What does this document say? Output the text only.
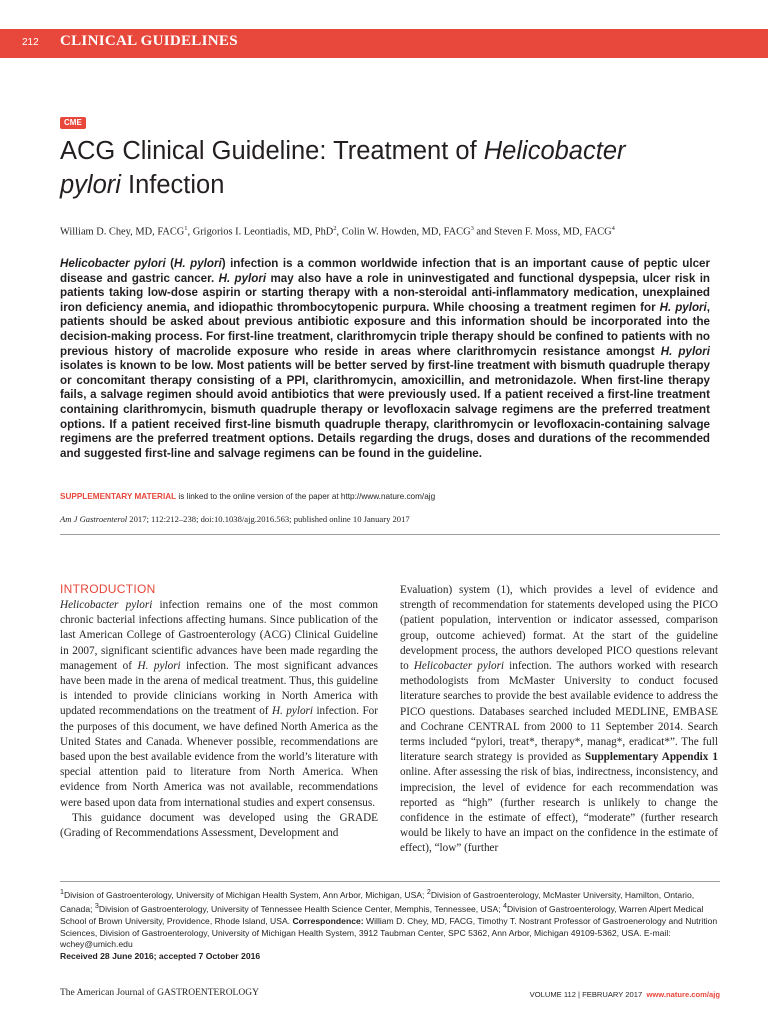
212 CLINICAL GUIDELINES
CME
ACG Clinical Guideline: Treatment of Helicobacter
pylori Infection
William D. Chey, MD, FACG$^1$, Grigorios I. Leontiadis, MD, PhD$^2$, Colin W. Howden, MD, FACG$^3$ and Steven F. Moss, MD, FACG$^4$
Helicobacter pylori (H. pylori) infection is a common worldwide infection that is an important cause of peptic ulcer disease and gastric cancer. H. pylori may also have a role in uninvestigated and functional dyspepsia, ulcer risk in patients taking low-dose aspirin or starting therapy with a non-steroidal anti-inflammatory medication, unexplained iron deficiency anemia, and idiopathic thrombocytopenic purpura. While choosing a treatment regimen for H. pylori, patients should be asked about previous antibiotic exposure and this information should be incorporated into the decision-making process. For first-line treatment, clarithromycin triple therapy should be confined to patients with no previous history of macrolide exposure who reside in areas where clarithromycin resistance amongst H. pylori isolates is known to be low. Most patients will be better served by first-line treatment with bismuth quadruple therapy or concomitant therapy consisting of a PPI, clarithromycin, amoxicillin, and metronidazole. When first-line therapy fails, a salvage regimen should avoid antibiotics that were previously used. If a patient received a first-line treatment containing clarithromycin, bismuth quadruple therapy or levofloxacin salvage regimens are the preferred treatment options. If a patient received first-line bismuth quadruple therapy, clarithromycin or levofloxacin-containing salvage regimens are the preferred treatment options. Details regarding the drugs, doses and durations of the recommended and suggested first-line and salvage regimens can be found in the guideline.
SUPPLEMENTARY MATERIAL is linked to the online version of the paper at http://www.nature.com/ajg
Am J Gastroenterol 2017; 112:212–238; doi:10.1038/ajg.2016.563; published online 10 January 2017
INTRODUCTION

Helicobacter pylori infection remains one of the most common chronic bacterial infections affecting humans. Since publication of the last American College of Gastroenterology (ACG) Clinical Guideline in 2007, significant scientific advances have been made regarding the management of H. pylori infection. The most significant advances have been made in the arena of medical treatment. Thus, this guideline is intended to provide clinicians working in North America with updated recommendations on the treatment of H. pylori infection. For the purposes of this document, we have defined North America as the United States and Canada. Whenever possible, recommendations are based upon the best available evidence from the world’s literature with special attention paid to literature from North America. When evidence from North America was not available, recommendations were based upon data from international studies and expert consensus.

This guidance document was developed using the GRADE (Grading of Recommendations Assessment, Development and

Evaluation) system (1), which provides a level of evidence and strength of recommendation for statements developed using the PICO (patient population, intervention or indicator assessed, comparison group, outcome achieved) format. At the start of the guideline development process, the authors developed PICO questions relevant to Helicobacter pylori infection. The authors worked with research methodologists from McMaster University to conduct focused literature searches to provide the best available evidence to address the PICO questions. Databases searched included MEDLINE, EMBASE and Cochrane CENTRAL from 2000 to 11 September 2014. Search terms included “pylori, treat*, therapy*, manag*, eradicat*”. The full literature search strategy is provided as Supplementary Appendix 1 online. After assessing the risk of bias, indirectness, inconsistency, and imprecision, the level of evidence for each recommendation was reported as “high” (further research is unlikely to change the confidence in the estimate of effect), “moderate” (further research would be likely to have an impact on the confidence in the estimate of effect), “low” (further

$^1$Division of Gastroenterology, University of Michigan Health System, Ann Arbor, Michigan, USA; $^2$Division of Gastroenterology, McMaster University, Hamilton, Ontario, Canada; $^3$Division of Gastroenterology, University of Tennessee Health Science Center, Memphis, Tennessee, USA; $^4$Division of Gastroenterology, Warren Alpert Medical School of Brown University, Providence, Rhode Island, USA. Correspondence: William D. Chey, MD, FACG, Timothy T. Nostrant Professor of Gastroenerology and Nutrition Sciences, Division of Gastroenterology, University of Michigan Health System, 3912 Taubman Center, SPC 5362, Ann Arbor, Michigan 49109-5362, USA. E-mail: wchey@umich.edu

Received 28 June 2016; accepted 7 October 2016

The American Journal of GASTROENTEROLOGY	VOLUME 112 | FEBRUARY 2017 www.nature.com/ajg
